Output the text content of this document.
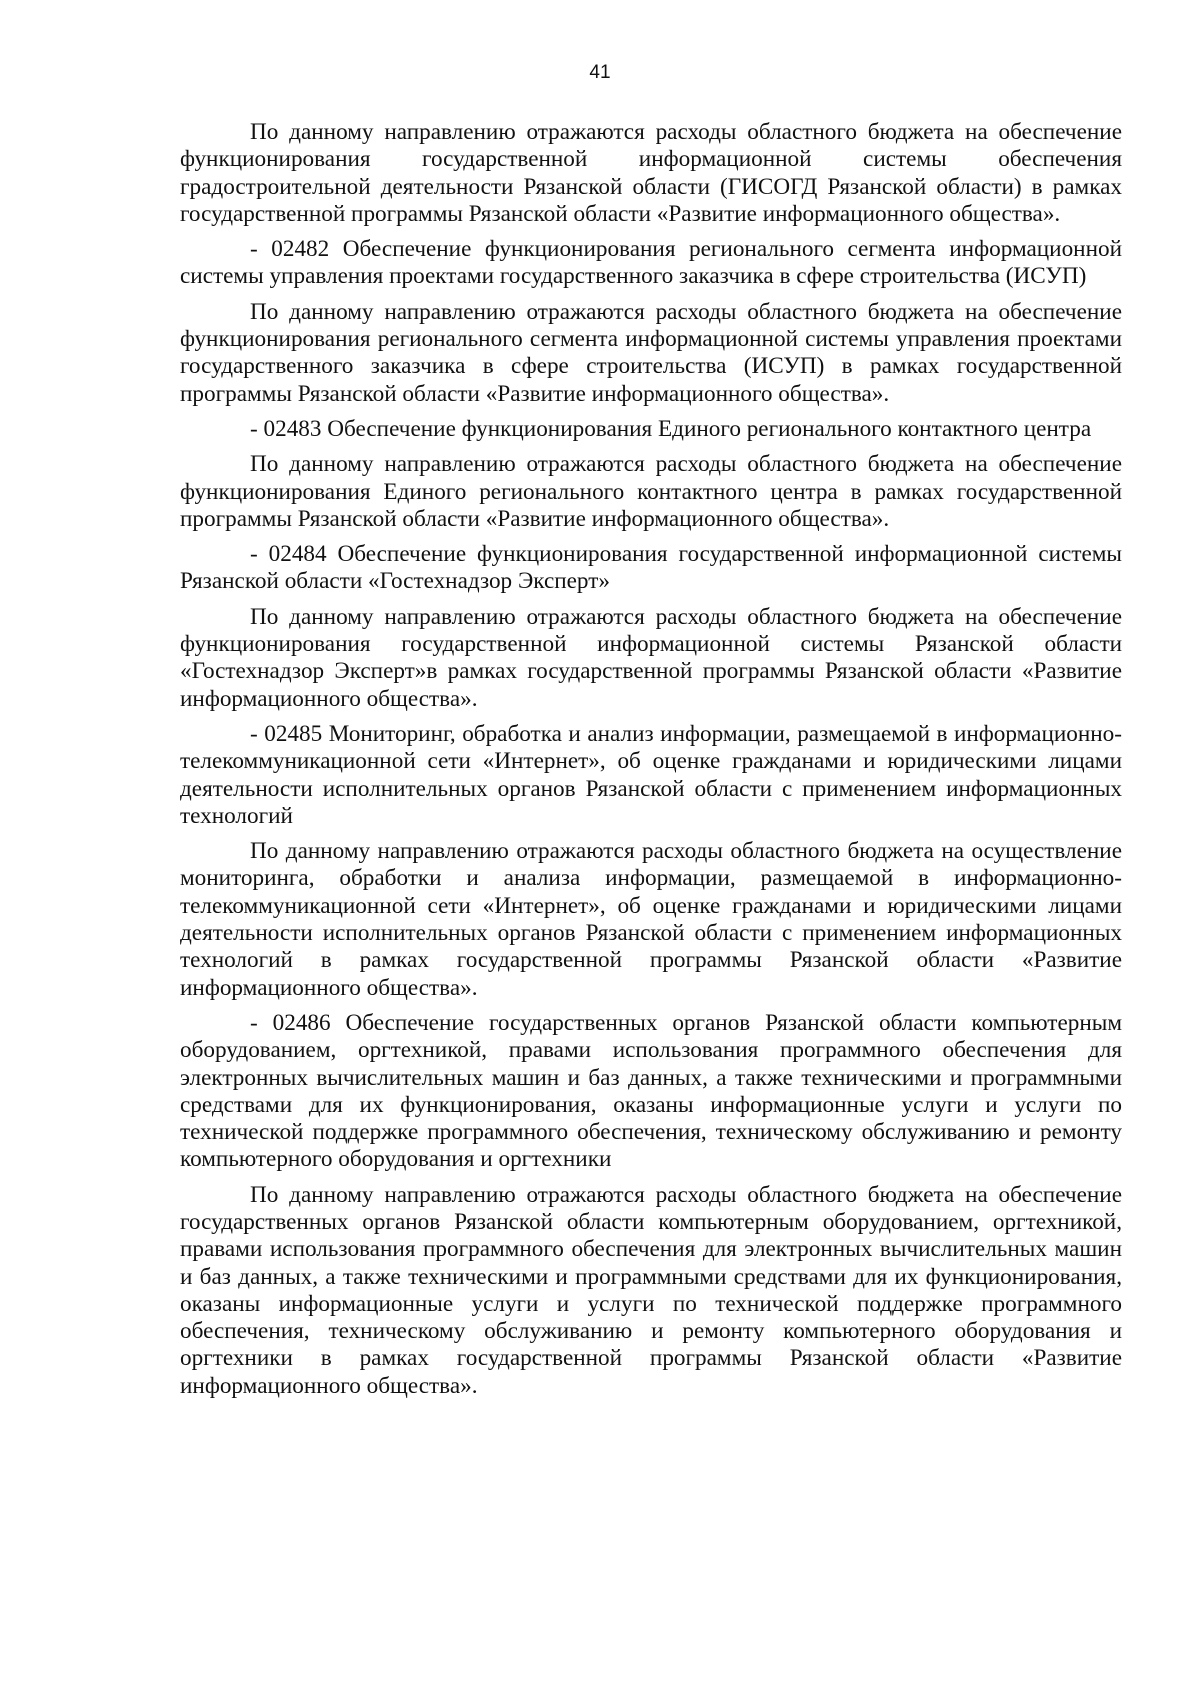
41

По данному направлению отражаются расходы областного бюджета на обеспечение функционирования государственной информационной системы обеспечения градостроительной деятельности Рязанской области (ГИСОГД Рязанской области) в рамках государственной программы Рязанской области «Развитие информационного общества».

- 02482 Обеспечение функционирования регионального сегмента информационной системы управления проектами государственного заказчика в сфере строительства (ИСУП)

По данному направлению отражаются расходы областного бюджета на обеспечение функционирования регионального сегмента информационной системы управления проектами государственного заказчика в сфере строительства (ИСУП) в рамках государственной программы Рязанской области «Развитие информационного общества».

- 02483 Обеспечение функционирования Единого регионального контактного центра

По данному направлению отражаются расходы областного бюджета на обеспечение функционирования Единого регионального контактного центра в рамках государственной программы Рязанской области «Развитие информационного общества».

- 02484 Обеспечение функционирования государственной информационной системы Рязанской области «Гостехнадзор Эксперт»

По данному направлению отражаются расходы областного бюджета на обеспечение функционирования государственной информационной системы Рязанской области «Гостехнадзор Эксперт»в рамках государственной программы Рязанской области «Развитие информационного общества».

- 02485 Мониторинг, обработка и анализ информации, размещаемой в информационно-телекоммуникационной сети «Интернет», об оценке гражданами и юридическими лицами деятельности исполнительных органов Рязанской области с применением информационных технологий

По данному направлению отражаются расходы областного бюджета на осуществление мониторинга, обработки и анализа информации, размещаемой в информационно-телекоммуникационной сети «Интернет», об оценке гражданами и юридическими лицами деятельности исполнительных органов Рязанской области с применением информационных технологий в рамках государственной программы Рязанской области «Развитие информационного общества».

- 02486 Обеспечение государственных органов Рязанской области компьютерным оборудованием, оргтехникой, правами использования программного обеспечения для электронных вычислительных машин и баз данных, а также техническими и программными средствами для их функционирования, оказаны информационные услуги и услуги по технической поддержке программного обеспечения, техническому обслуживанию и ремонту компьютерного оборудования и оргтехники

По данному направлению отражаются расходы областного бюджета на обеспечение государственных органов Рязанской области компьютерным оборудованием, оргтехникой, правами использования программного обеспечения для электронных вычислительных машин и баз данных, а также техническими и программными средствами для их функционирования, оказаны информационные услуги и услуги по технической поддержке программного обеспечения, техническому обслуживанию и ремонту компьютерного оборудования и оргтехники в рамках государственной программы Рязанской области «Развитие информационного общества».
